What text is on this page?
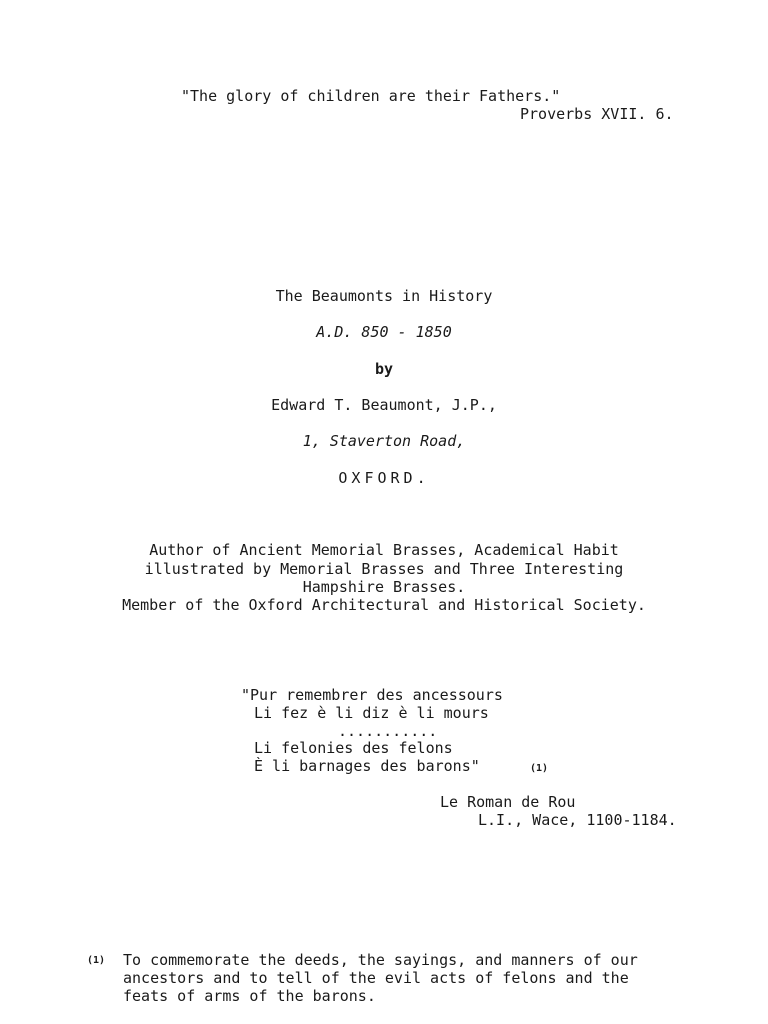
"The glory of children are their Fathers."
Proverbs XVII. 6.
The Beaumonts in History
A.D. 850 - 1850
by
Edward T. Beaumont, J.P.,
1, Staverton Road,
OXFORD.
Author of Ancient Memorial Brasses, Academical Habit
illustrated by Memorial Brasses and Three Interesting
Hampshire Brasses.
Member of the Oxford Architectural and Historical Society.
"Pur remembrer des ancessours
Li fez è li diz è li mours
...........
Li felonies des felons
È li barnages des barons"	(1)
Le Roman de Rou
L.I., Wace, 1100-1184.
(1) To commemorate the deeds, the sayings, and manners of our
ancestors and to tell of the evil acts of felons and the
feats of arms of the barons.
